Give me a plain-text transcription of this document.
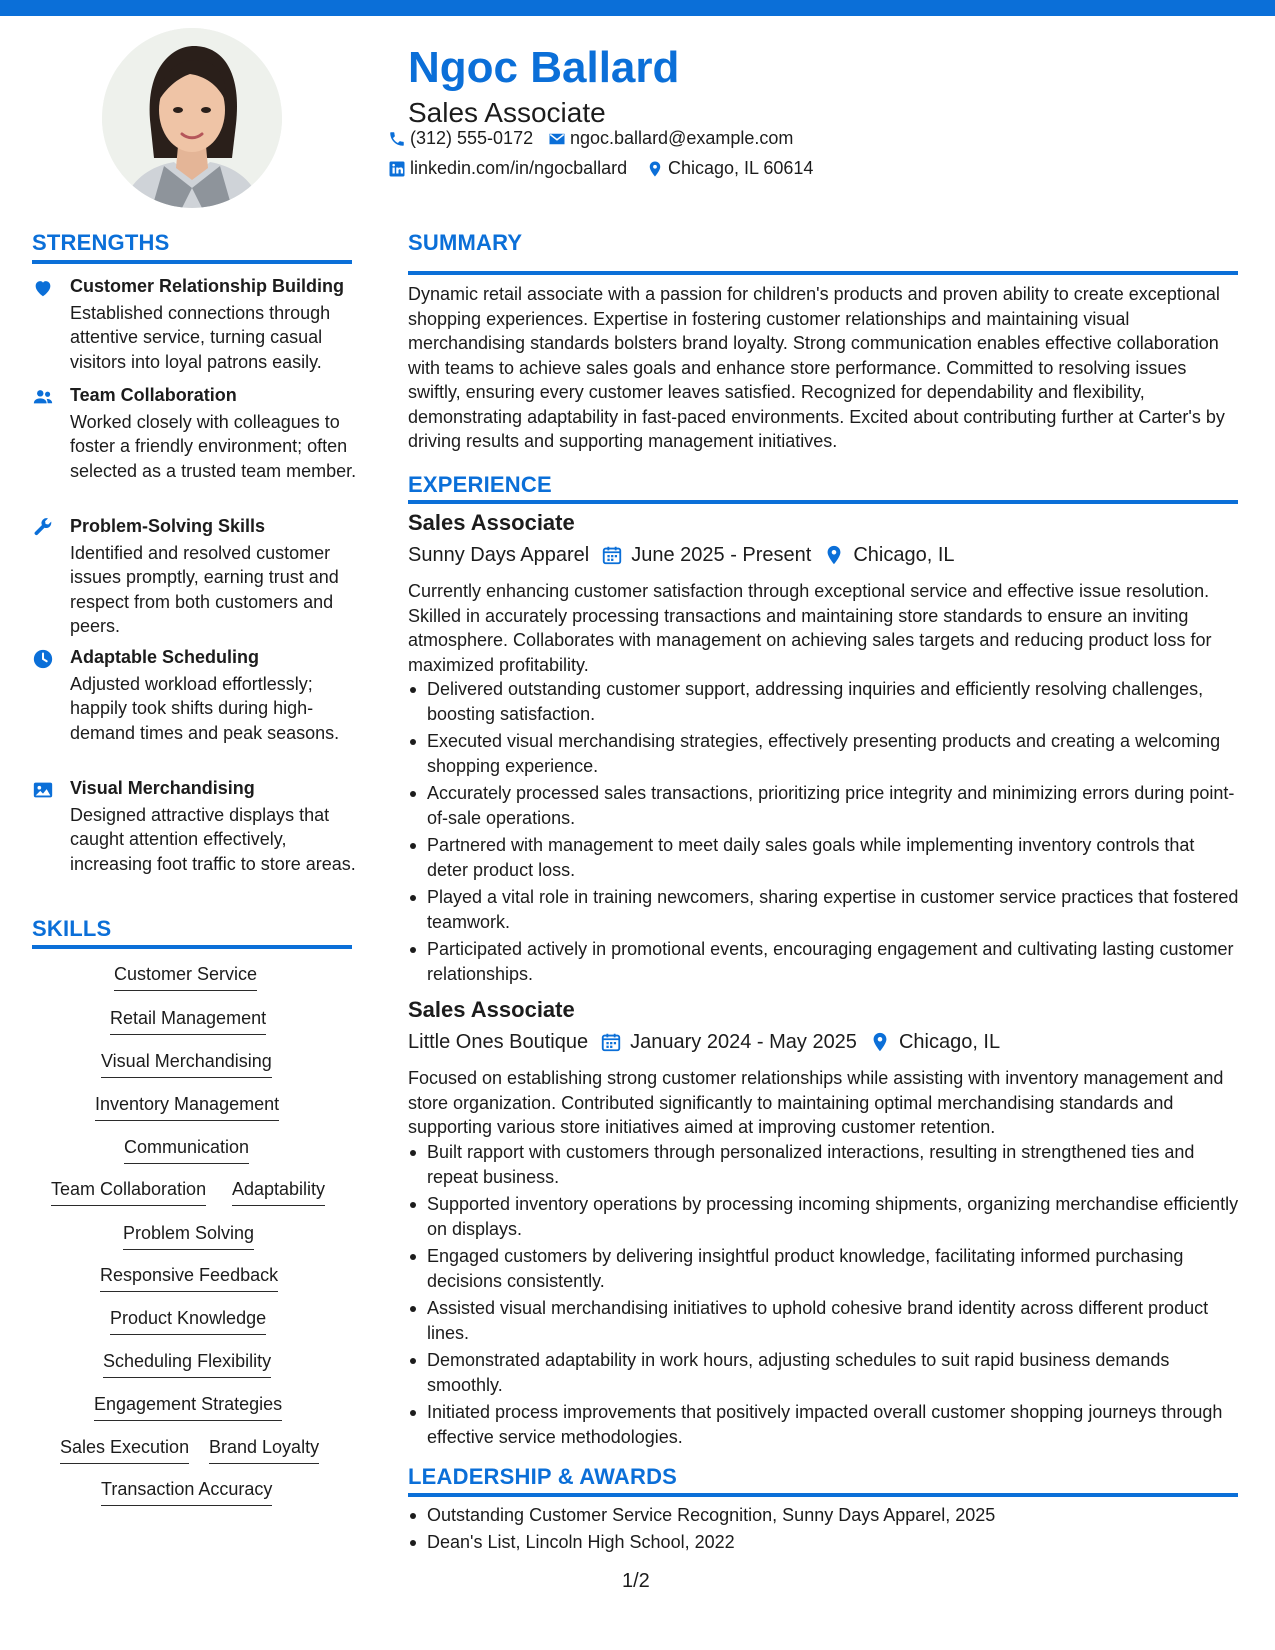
Ngoc Ballard
Sales Associate
(312) 555-0172 ngoc.ballard@example.com
linkedin.com/in/ngocballard Chicago, IL 60614
STRENGTHS
Customer Relationship Building
Established connections through attentive service, turning casual visitors into loyal patrons easily.
Team Collaboration
Worked closely with colleagues to foster a friendly environment; often selected as a trusted team member.
Problem-Solving Skills
Identified and resolved customer issues promptly, earning trust and respect from both customers and peers.
Adaptable Scheduling
Adjusted workload effortlessly; happily took shifts during high-demand times and peak seasons.
Visual Merchandising
Designed attractive displays that caught attention effectively, increasing foot traffic to store areas.
SKILLS
Customer Service
Retail Management
Visual Merchandising
Inventory Management
Communication
Team Collaboration Adaptability
Problem Solving
Responsive Feedback
Product Knowledge
Scheduling Flexibility
Engagement Strategies
Sales Execution Brand Loyalty
Transaction Accuracy
SUMMARY
Dynamic retail associate with a passion for children's products and proven ability to create exceptional shopping experiences. Expertise in fostering customer relationships and maintaining visual merchandising standards bolsters brand loyalty. Strong communication enables effective collaboration with teams to achieve sales goals and enhance store performance. Committed to resolving issues swiftly, ensuring every customer leaves satisfied. Recognized for dependability and flexibility, demonstrating adaptability in fast-paced environments. Excited about contributing further at Carter's by driving results and supporting management initiatives.
EXPERIENCE
Sales Associate
Sunny Days Apparel June 2025 - Present Chicago, IL
Currently enhancing customer satisfaction through exceptional service and effective issue resolution. Skilled in accurately processing transactions and maintaining store standards to ensure an inviting atmosphere. Collaborates with management on achieving sales targets and reducing product loss for maximized profitability.
Delivered outstanding customer support, addressing inquiries and efficiently resolving challenges, boosting satisfaction.
Executed visual merchandising strategies, effectively presenting products and creating a welcoming shopping experience.
Accurately processed sales transactions, prioritizing price integrity and minimizing errors during point-of-sale operations.
Partnered with management to meet daily sales goals while implementing inventory controls that deter product loss.
Played a vital role in training newcomers, sharing expertise in customer service practices that fostered teamwork.
Participated actively in promotional events, encouraging engagement and cultivating lasting customer relationships.
Sales Associate
Little Ones Boutique January 2024 - May 2025 Chicago, IL
Focused on establishing strong customer relationships while assisting with inventory management and store organization. Contributed significantly to maintaining optimal merchandising standards and supporting various store initiatives aimed at improving customer retention.
Built rapport with customers through personalized interactions, resulting in strengthened ties and repeat business.
Supported inventory operations by processing incoming shipments, organizing merchandise efficiently on displays.
Engaged customers by delivering insightful product knowledge, facilitating informed purchasing decisions consistently.
Assisted visual merchandising initiatives to uphold cohesive brand identity across different product lines.
Demonstrated adaptability in work hours, adjusting schedules to suit rapid business demands smoothly.
Initiated process improvements that positively impacted overall customer shopping journeys through effective service methodologies.
LEADERSHIP & AWARDS
Outstanding Customer Service Recognition, Sunny Days Apparel, 2025
Dean's List, Lincoln High School, 2022
1/2
